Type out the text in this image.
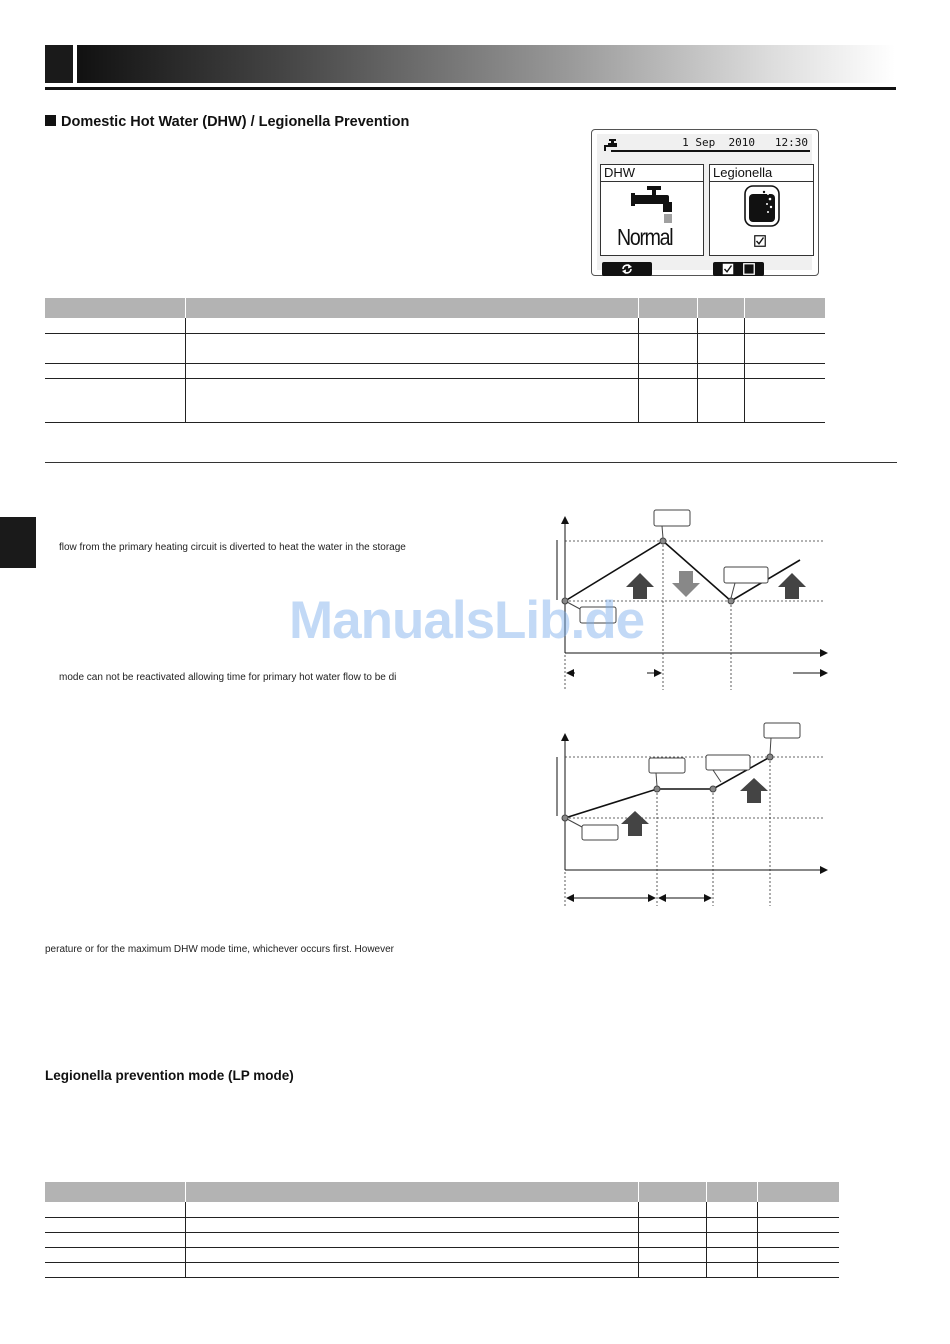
Domestic Hot Water (DHW) / Legionella Prevention
1 Sep  2010   12:30
DHW
Normal
Legionella

flow from the primary heating circuit is diverted to heat the water in the storage
mode can not be reactivated allowing time for primary hot water flow to be di
perature or for the maximum DHW mode time, whichever occurs first. However
ManualsLib.de
Legionella prevention mode (LP mode)
